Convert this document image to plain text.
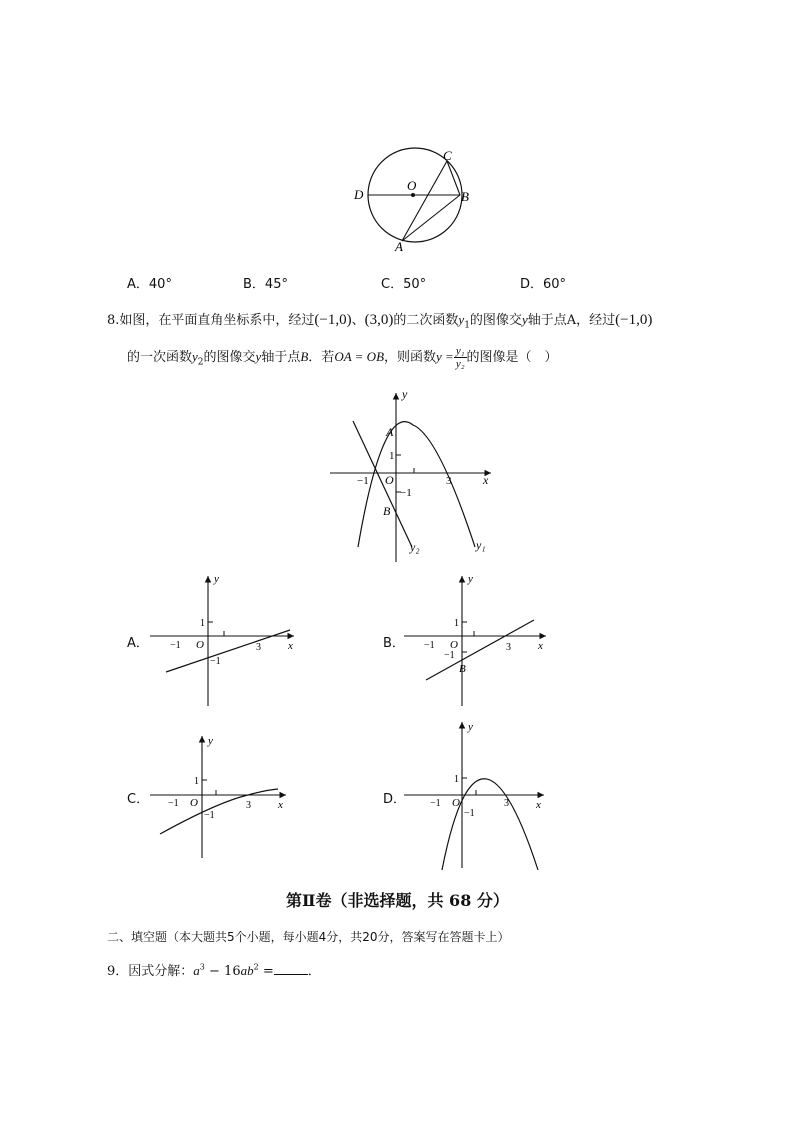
C
O
D	B
A
A．40°	B．45°	C．50°	D．60°
8.如图，在平面直角坐标系中，经过(−1,0)、(3,0)的二次函数$y_1$的图像交y轴于点A，经过(−1,0)
的一次函数$y_2$的图像交y轴于点B．若OA = OB，则函数$y = \frac{\text{y₁}}{\text{y₂}}$ 的图像是（　）
y
A
1
−1 O
−1
3	x
B
y₂	y₁
A．
y
1
−1 O
−1
3 x	B．
y
1
−1 O
−1
B
3 x
C．
y
1
−1 O
−1
3 x	D．
y
1
−1 O
−1
3 x
第Ⅱ卷（非选择题，共 68 分）
二、填空题（本大题共5个小题，每小题4分，共20分，答案写在答题卡上）
9．因式分解：$a^3 - 16ab^2$ =	．
